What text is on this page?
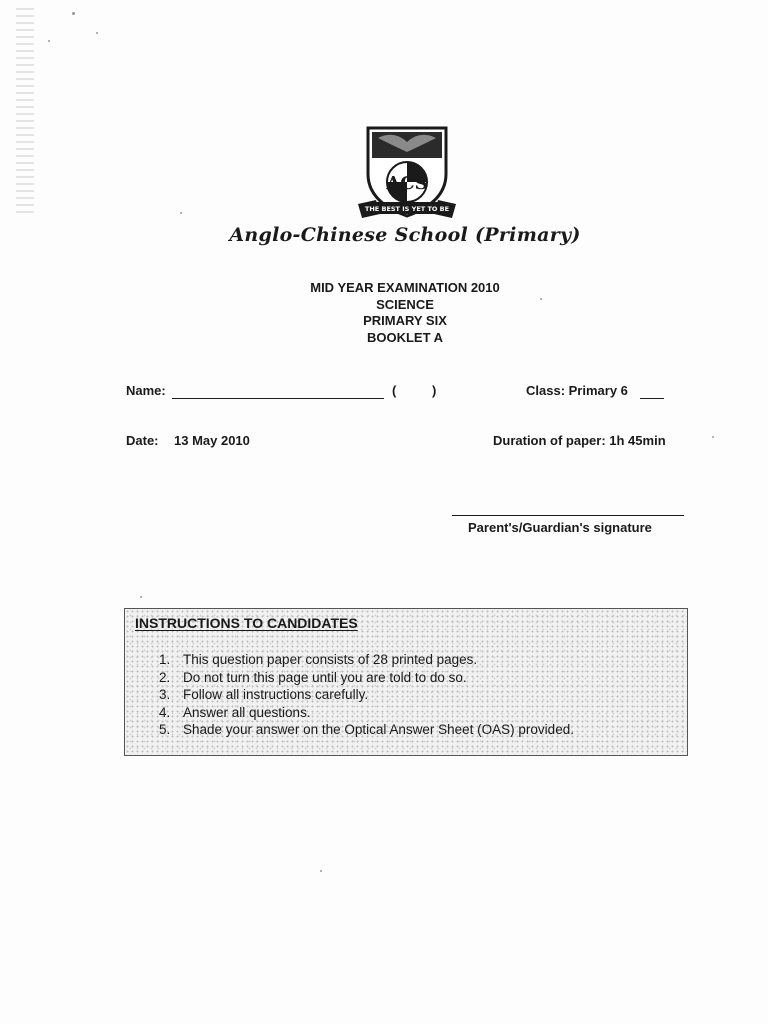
ACS
THE BEST IS YET TO BE
Anglo-Chinese School (Primary)
MID YEAR EXAMINATION 2010
SCIENCE
PRIMARY SIX
BOOKLET A
Name:	(	)	Class: Primary 6
Date: 13 May 2010	Duration of paper: 1h 45min
Parent's/Guardian's signature
INSTRUCTIONS TO CANDIDATES
1. This question paper consists of 28 printed pages.
2. Do not turn this page until you are told to do so.
3. Follow all instructions carefully.
4. Answer all questions.
5. Shade your answer on the Optical Answer Sheet (OAS) provided.
